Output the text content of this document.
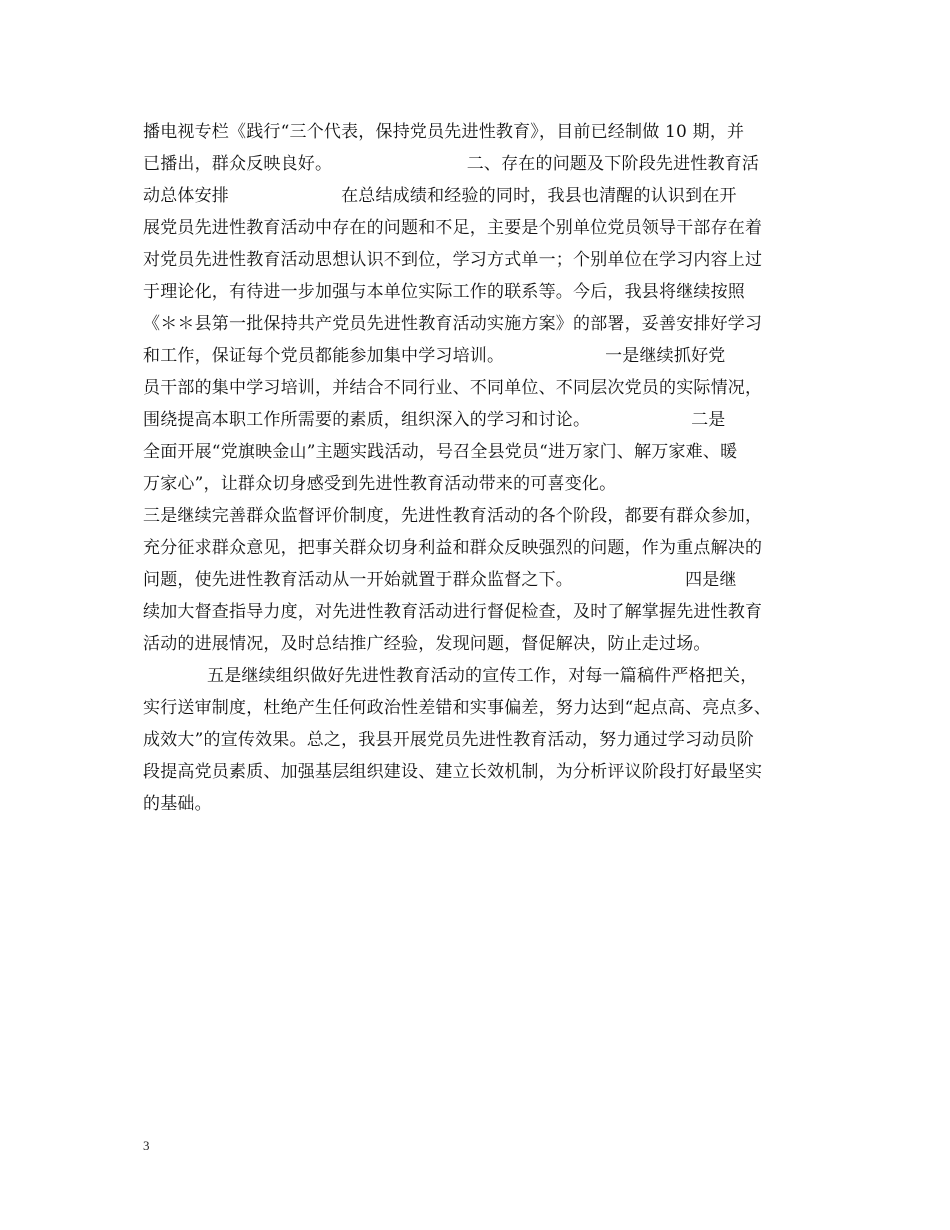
播电视专栏《践行“三个代表，保持党员先进性教育》，目前已经制做 10 期，并
已播出，群众反映良好。                        二、存在的问题及下阶段先进性教育活
动总体安排                    在总结成绩和经验的同时，我县也清醒的认识到在开
展党员先进性教育活动中存在的问题和不足，主要是个别单位党员领导干部存在着
对党员先进性教育活动思想认识不到位，学习方式单一；个别单位在学习内容上过
于理论化，有待进一步加强与本单位实际工作的联系等。今后，我县将继续按照
《＊＊县第一批保持共产党员先进性教育活动实施方案》的部署，妥善安排好学习
和工作，保证每个党员都能参加集中学习培训。                  一是继续抓好党
员干部的集中学习培训，并结合不同行业、不同单位、不同层次党员的实际情况，
围绕提高本职工作所需要的素质，组织深入的学习和讨论。                  二是
全面开展“党旗映金山”主题实践活动，号召全县党员“进万家门、解万家难、暖
万家心”，让群众切身感受到先进性教育活动带来的可喜变化。
三是继续完善群众监督评价制度，先进性教育活动的各个阶段，都要有群众参加，
充分征求群众意见，把事关群众切身利益和群众反映强烈的问题，作为重点解决的
问题，使先进性教育活动从一开始就置于群众监督之下。                    四是继
续加大督查指导力度，对先进性教育活动进行督促检查，及时了解掌握先进性教育
活动的进展情况，及时总结推广经验，发现问题，督促解决，防止走过场。
五是继续组织做好先进性教育活动的宣传工作，对每一篇稿件严格把关，
实行送审制度，杜绝产生任何政治性差错和实事偏差，努力达到“起点高、亮点多、
成效大”的宣传效果。总之，我县开展党员先进性教育活动，努力通过学习动员阶
段提高党员素质、加强基层组织建设、建立长效机制，为分析评议阶段打好最坚实
的基础。
3
